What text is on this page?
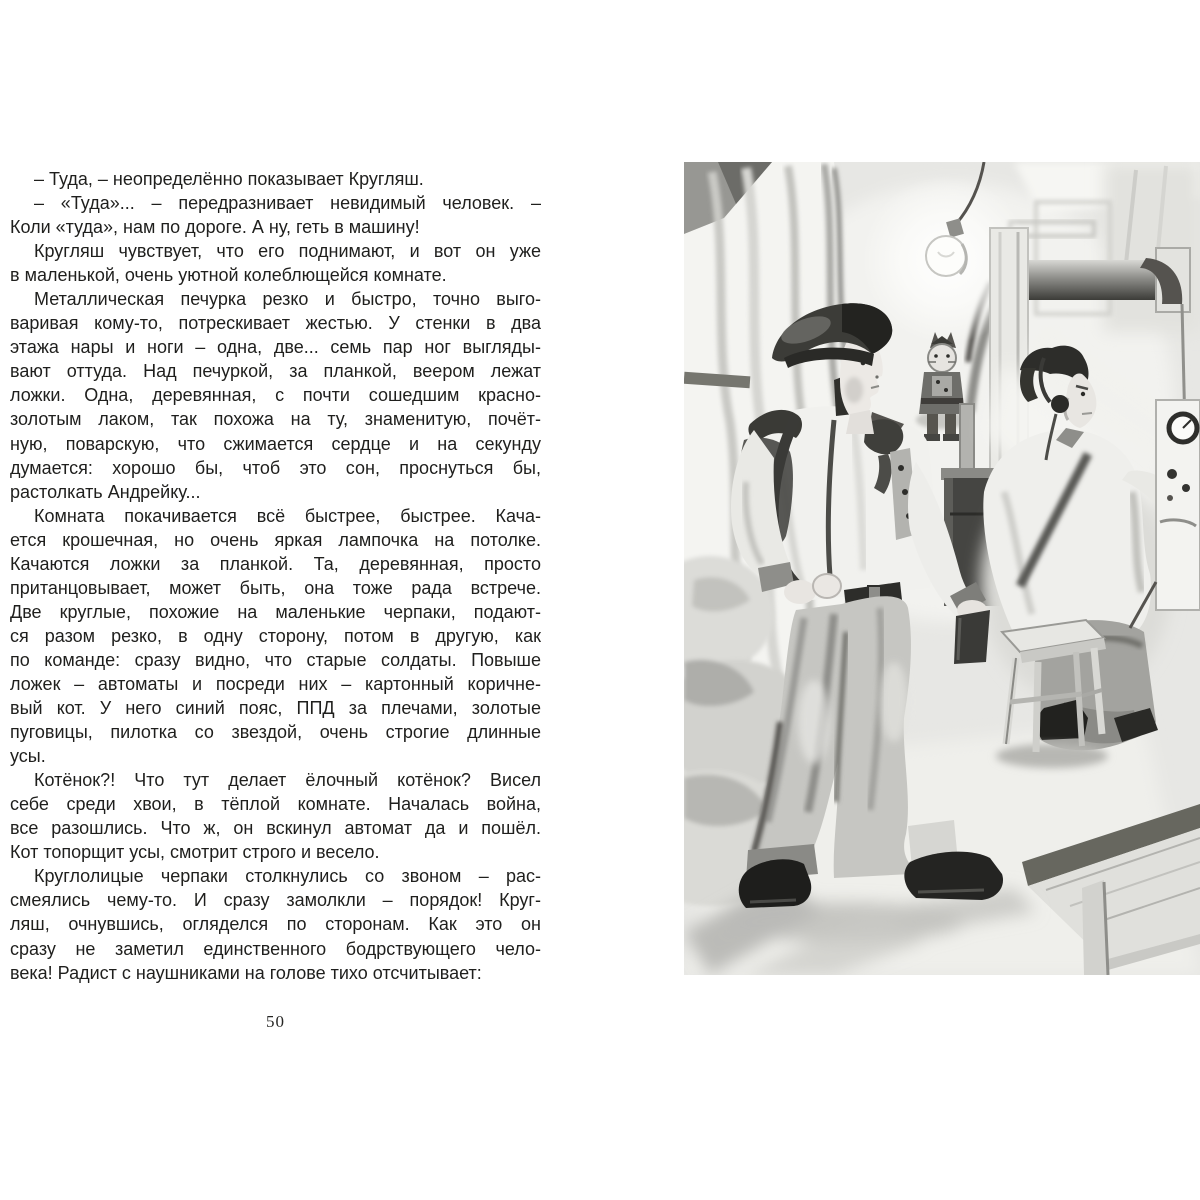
– Туда, – неопределённо показывает Кругляш.
– «Туда»... – передразнивает невидимый человек. –
Коли «туда», нам по дороге. А ну, геть в машину!
Кругляш чувствует, что его поднимают, и вот он уже
в маленькой, очень уютной колеблющейся комнате.
Металлическая печурка резко и быстро, точно выго-
варивая кому-то, потрескивает жестью. У стенки в два
этажа нары и ноги – одна, две... семь пар ног выгляды-
вают оттуда. Над печуркой, за планкой, веером лежат
ложки. Одна, деревянная, с почти сошедшим красно-
золотым лаком, так похожа на ту, знаменитую, почёт-
ную, поварскую, что сжимается сердце и на секунду
думается: хорошо бы, чтоб это сон, проснуться бы,
растолкать Андрейку...
Комната покачивается всё быстрее, быстрее. Кача-
ется крошечная, но очень яркая лампочка на потолке.
Качаются ложки за планкой. Та, деревянная, просто
пританцовывает, может быть, она тоже рада встрече.
Две круглые, похожие на маленькие черпаки, подают-
ся разом резко, в одну сторону, потом в другую, как
по команде: сразу видно, что старые солдаты. Повыше
ложек – автоматы и посреди них – картонный коричне-
вый кот. У него синий пояс, ППД за плечами, золотые
пуговицы, пилотка со звездой, очень строгие длинные
усы.
Котёнок?! Что тут делает ёлочный котёнок? Висел
себе среди хвои, в тёплой комнате. Началась война,
все разошлись. Что ж, он вскинул автомат да и пошёл.
Кот топорщит усы, смотрит строго и весело.
Круглолицые черпаки столкнулись со звоном – рас-
смеялись чему-то. И сразу замолкли – порядок! Круг-
ляш, очнувшись, огляделся по сторонам. Как это он
сразу не заметил единственного бодрствующего чело-
века! Радист с наушниками на голове тихо отсчитывает:
50
